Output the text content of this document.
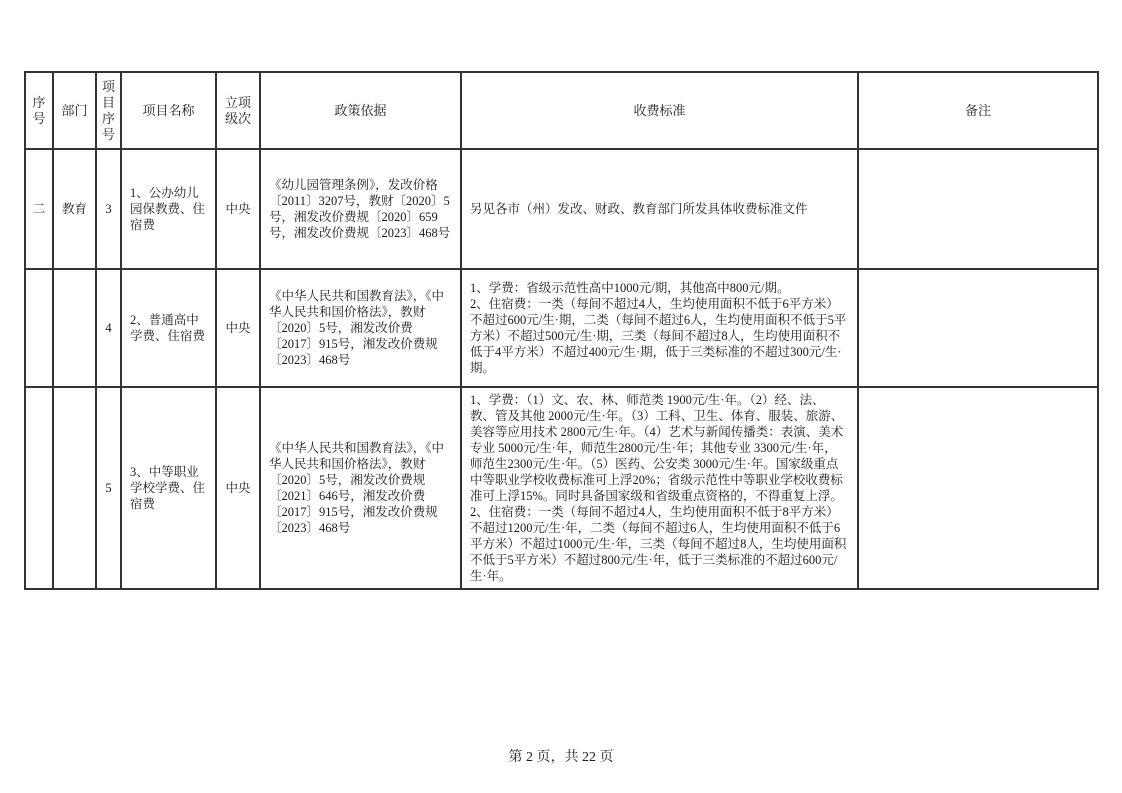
序号	部门	项目序号	项目名称	立项级次	政策依据	收费标准	备注
二	教育	3	1、公办幼儿园保教费、住宿费	中央	《幼儿园管理条例》，发改价格〔2011〕3207号，教财〔2020〕5号，湘发改价费规〔2020〕659号，湘发改价费规〔2023〕468号	另见各市（州）发改、财政、教育部门所发具体收费标准文件	

		4	2、普通高中学费、住宿费	中央	《中华人民共和国教育法》，《中华人民共和国价格法》，教财〔2020〕5号，湘发改价费〔2017〕915号，湘发改价费规〔2023〕468号	1、学费：省级示范性高中1000元/期，其他高中800元/期。
2、住宿费：一类（每间不超过4人，生均使用面积不低于6平方米）不超过600元/生·期，二类（每间不超过6人，生均使用面积不低于5平方米）不超过500元/生·期，三类（每间不超过8人，生均使用面积不低于4平方米）不超过400元/生·期，低于三类标准的不超过300元/生·期。	

		5	3、中等职业学校学费、住宿费	中央	《中华人民共和国教育法》，《中华人民共和国价格法》，教财〔2020〕5号，湘发改价费规〔2021〕646号，湘发改价费〔2017〕915号，湘发改价费规〔2023〕468号	1、学费：（1）文、农、林、师范类 1900元/生·年。（2）经、法、教、管及其他 2000元/生·年。（3）工科、卫生、体育、服装、旅游、美容等应用技术 2800元/生·年。（4）艺术与新闻传播类：表演、美术专业 5000元/生·年，师范生2800元/生·年；其他专业 3300元/生·年，师范生2300元/生·年。（5）医药、公安类 3000元/生·年。国家级重点中等职业学校收费标准可上浮20%；省级示范性中等职业学校收费标准可上浮15%。同时具备国家级和省级重点资格的，不得重复上浮。
2、住宿费：一类（每间不超过4人，生均使用面积不低于8平方米）不超过1200元/生·年，二类（每间不超过6人，生均使用面积不低于6平方米）不超过1000元/生·年，三类（每间不超过8人，生均使用面积不低于5平方米）不超过800元/生·年，低于三类标准的不超过600元/生·年。	

第 2 页，共 22 页
